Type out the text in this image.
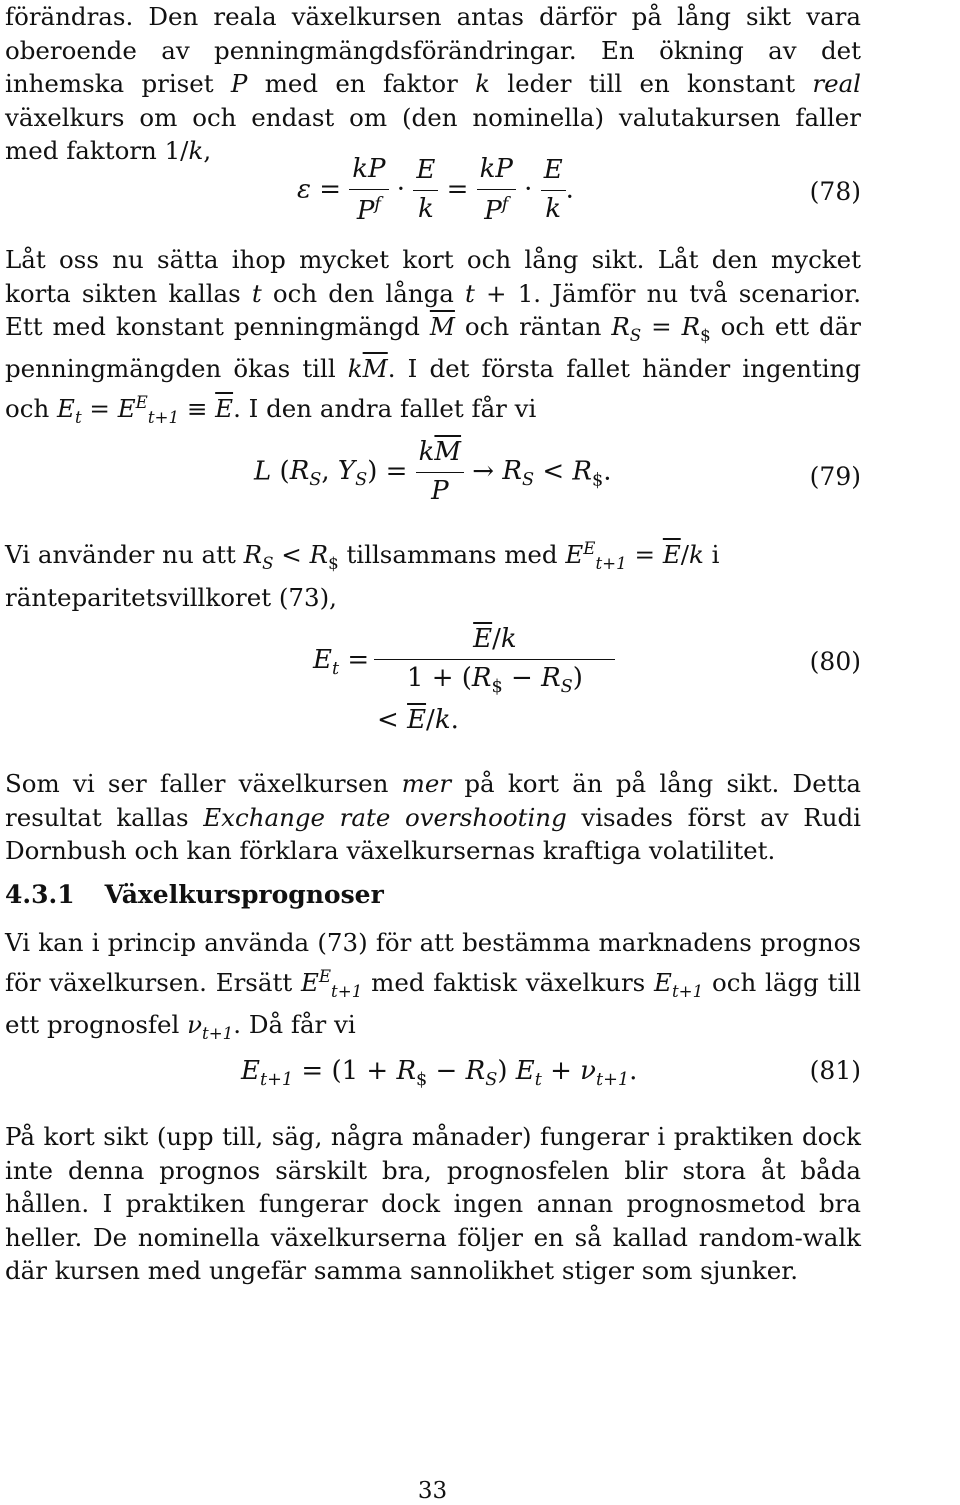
förändras. Den reala växelkursen antas därför på lång sikt vara oberoende av penningmängdsförändringar. En ökning av det inhemska priset P med en faktor k leder till en konstant real växelkurs om och endast om (den nominella) valutakursen faller med faktorn 1/k,

$\varepsilon = \frac{kP}{P^f} \cdot \frac{E}{k} = \frac{kP}{P^f} \cdot \frac{E}{k}$ .	(78)

Låt oss nu sätta ihop mycket kort och lång sikt. Låt den mycket korta sikten kallas t och den långa t + 1. Jämför nu två scenarior. Ett med konstant penningmängd $\overline{M}$ och räntan $R_S = R_{\$}$ och ett där penningmängden ökas till $k\overline{M}$. I det första fallet händer ingenting och $E_t = E^E_{t+1} \equiv \overline{E}$. I den andra fallet får vi

L ($R_S$, $Y_S) = \frac{k\overline{M}}{P} \to R_S < R_{\$}$.	(79)

Vi använder nu att $R_S < R_{\$}$ tillsammans med $E^E_{t+1} = \overline{E}/k$ i ränteparitetsvillkoret (73),

$E_t = \frac{\overline{E}/k}{1 + (R_{\$} - R_S)}$
< $\overline{E}/k$.
(80)

Som vi ser faller växelkursen mer på kort än på lång sikt. Detta resultat kallas Exchange rate overshooting visades först av Rudi Dornbush och kan förklara växelkursernas kraftiga volatilitet.

4.3.1 Växelkursprognoser

Vi kan i princip använda (73) för att bestämma marknadens prognos för växelkursen. Ersätt $E^E_{t+1}$ med faktisk växelkurs $E_{t+1}$ och lägg till ett prognosfel $\nu_{t+1}$. Då får vi

$E_{t+1} = (1 + R_{\$} - R_S) E_t + \nu_{t+1}$.	(81)

På kort sikt (upp till, säg, några månader) fungerar i praktiken dock inte denna prognos särskilt bra, prognosfelen blir stora åt båda hållen. I praktiken fungerar dock ingen annan prognosmetod bra heller. De nominella växelkurserna följer en så kallad random-walk där kursen med ungefär samma sannolikhet stiger som sjunker.

33
